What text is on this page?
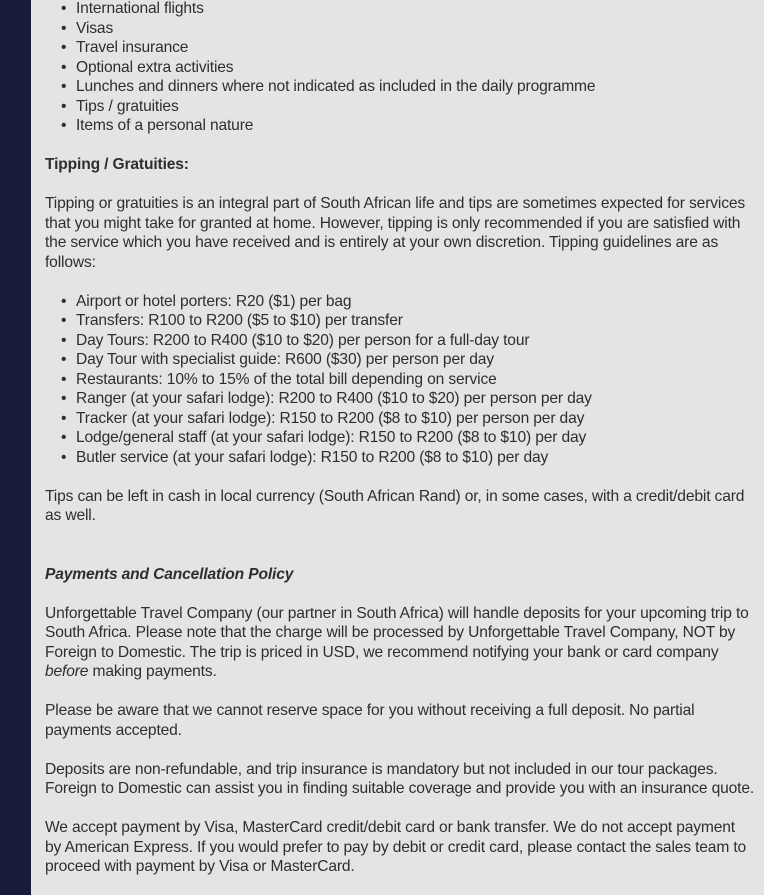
• International flights
• Visas
• Travel insurance
• Optional extra activities
• Lunches and dinners where not indicated as included in the daily programme
• Tips / gratuities
• Items of a personal nature

Tipping / Gratuities:

Tipping or gratuities is an integral part of South African life and tips are sometimes expected for services that you might take for granted at home. However, tipping is only recommended if you are satisfied with the service which you have received and is entirely at your own discretion. Tipping guidelines are as follows:

• Airport or hotel porters: R20 ($1) per bag
• Transfers: R100 to R200 ($5 to $10) per transfer
• Day Tours: R200 to R400 ($10 to $20) per person for a full-day tour
• Day Tour with specialist guide: R600 ($30) per person per day
• Restaurants: 10% to 15% of the total bill depending on service
• Ranger (at your safari lodge): R200 to R400 ($10 to $20) per person per day
• Tracker (at your safari lodge): R150 to R200 ($8 to $10) per person per day
• Lodge/general staff (at your safari lodge): R150 to R200 ($8 to $10) per day
• Butler service (at your safari lodge): R150 to R200 ($8 to $10) per day

Tips can be left in cash in local currency (South African Rand) or, in some cases, with a credit/debit card as well.

Payments and Cancellation Policy

Unforgettable Travel Company (our partner in South Africa) will handle deposits for your upcoming trip to South Africa. Please note that the charge will be processed by Unforgettable Travel Company, NOT by Foreign to Domestic. The trip is priced in USD, we recommend notifying your bank or card company before making payments.

Please be aware that we cannot reserve space for you without receiving a full deposit. No partial payments accepted.

Deposits are non-refundable, and trip insurance is mandatory but not included in our tour packages. Foreign to Domestic can assist you in finding suitable coverage and provide you with an insurance quote.

We accept payment by Visa, MasterCard credit/debit card or bank transfer. We do not accept payment by American Express. If you would prefer to pay by debit or credit card, please contact the sales team to proceed with payment by Visa or MasterCard.
